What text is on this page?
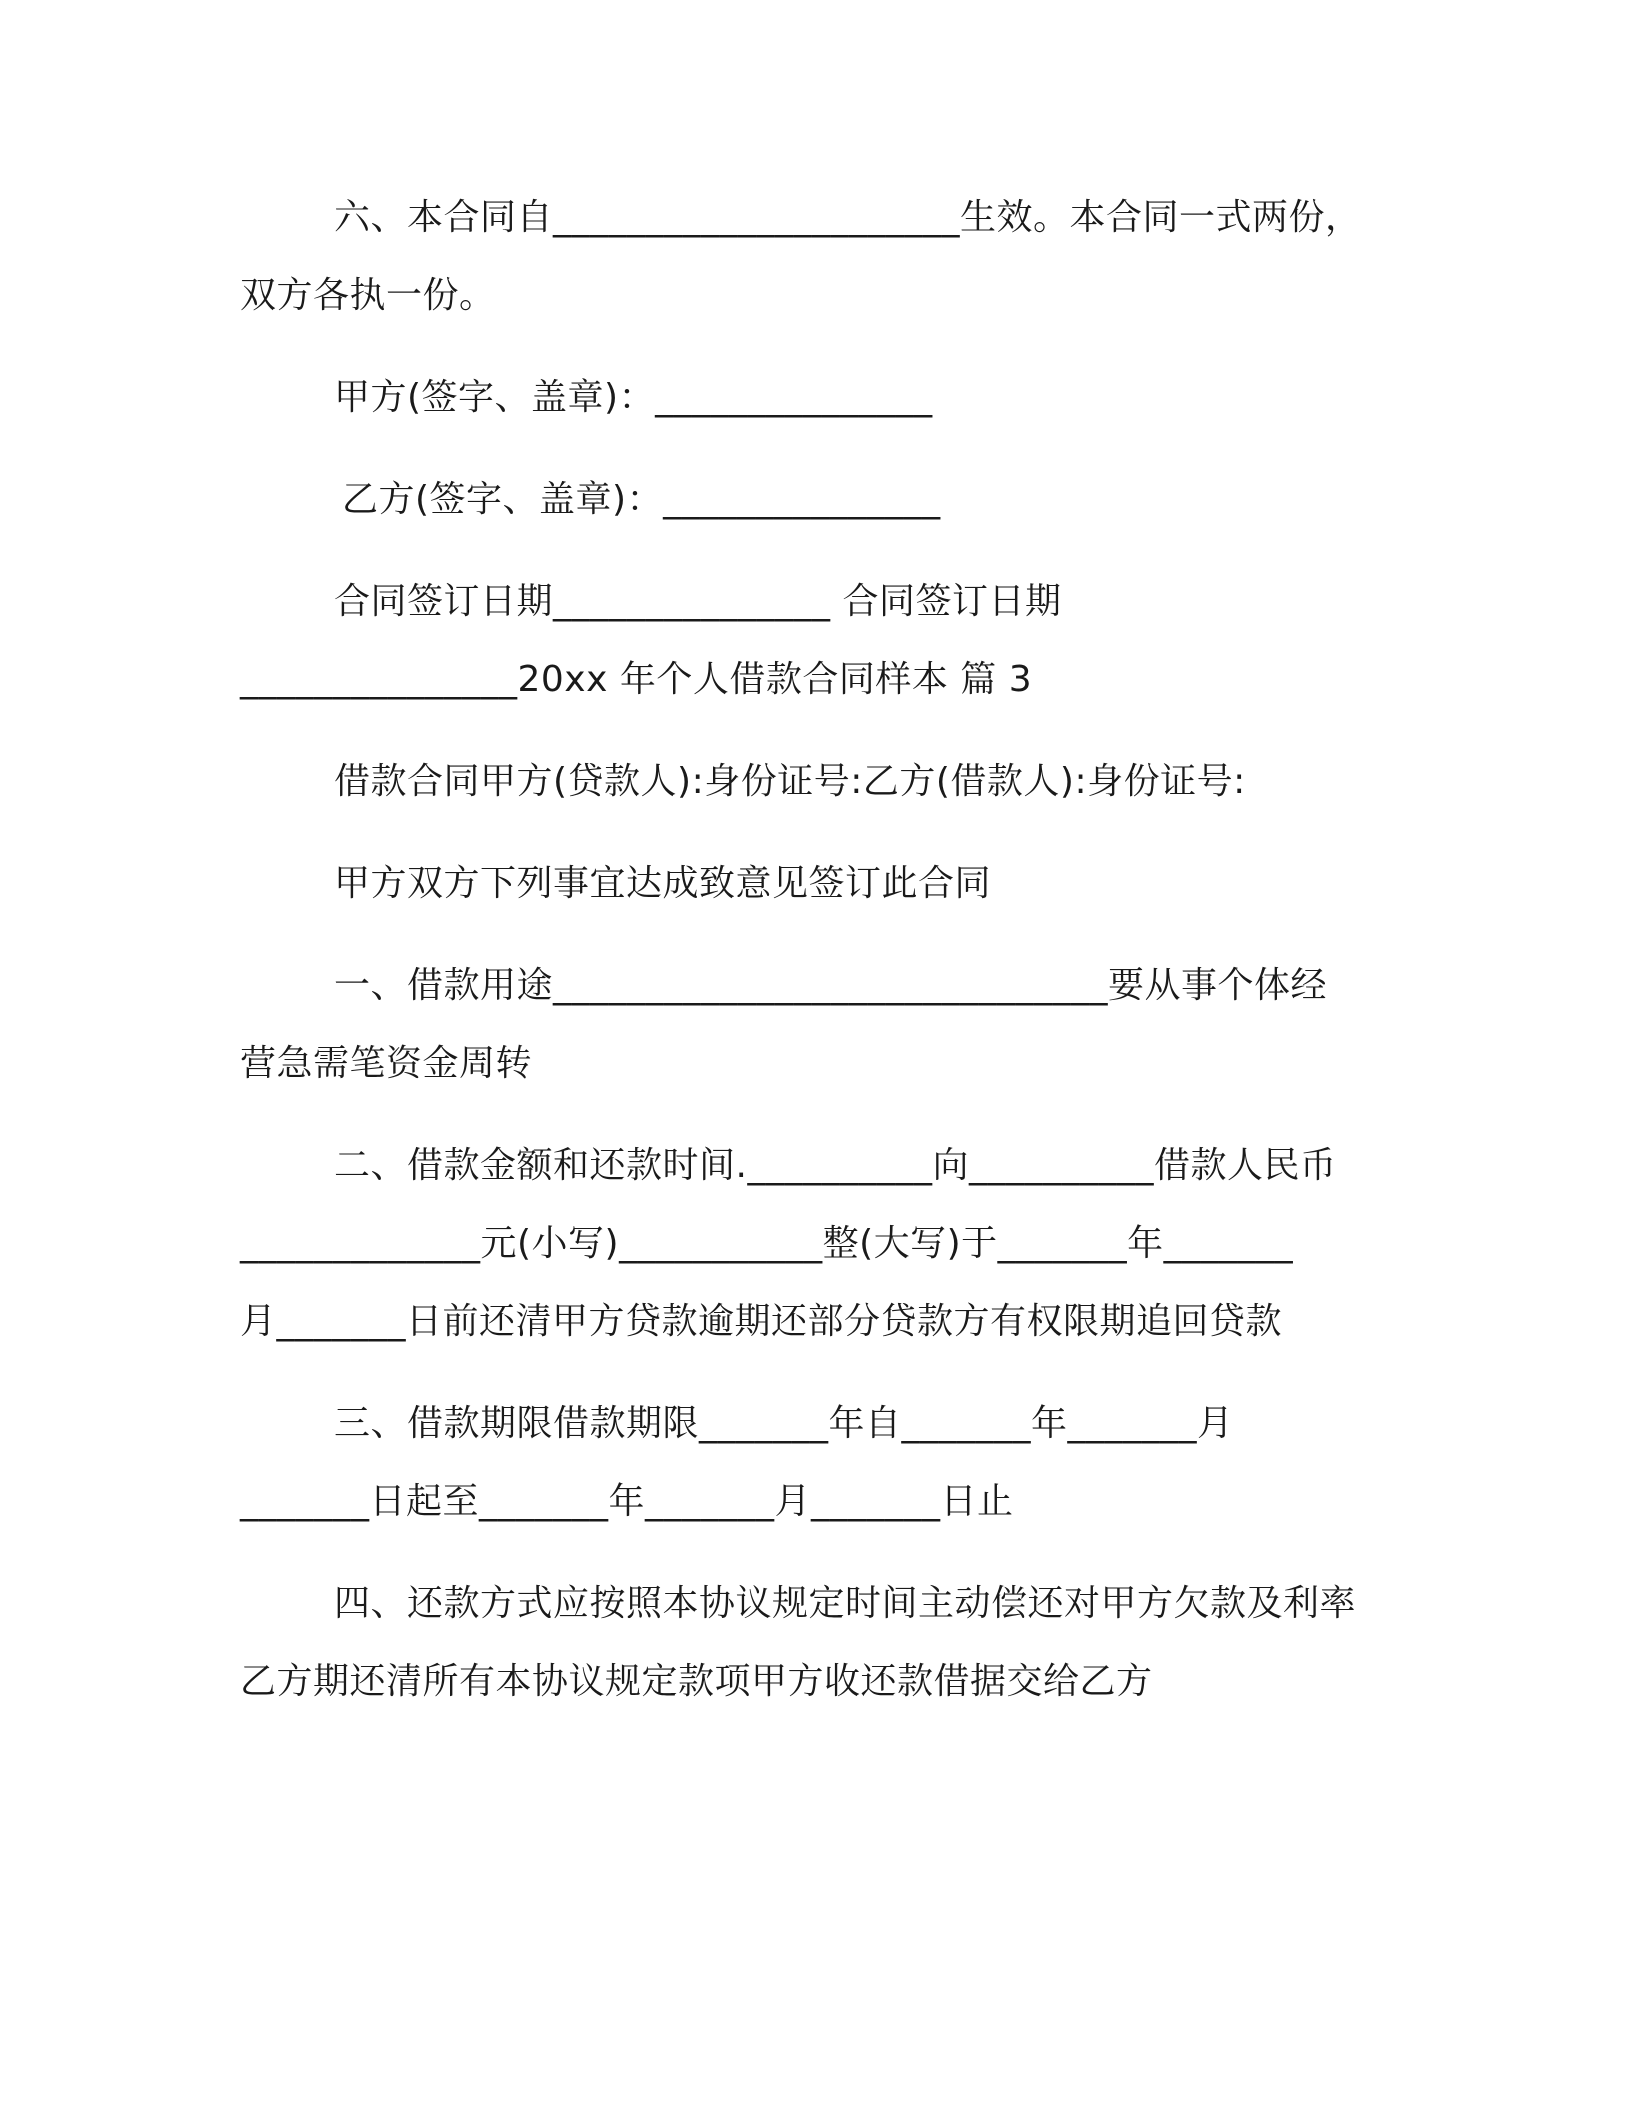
六、本合同自______________________生效。本合同一式两份，
双方各执一份。
甲方(签字、盖章)：_______________
乙方(签字、盖章)：_______________
合同签订日期_______________ 合同签订日期
_______________20xx 年个人借款合同样本 篇 3
借款合同甲方(贷款人):身份证号:乙方(借款人):身份证号:
甲方双方下列事宜达成致意见签订此合同
一、借款用途______________________________要从事个体经
营急需笔资金周转
二、借款金额和还款时间.__________向__________借款人民币
_____________元(小写)___________整(大写)于_______年_______
月_______日前还清甲方贷款逾期还部分贷款方有权限期追回贷款
三、借款期限借款期限_______年自_______年_______月
_______日起至_______年_______月_______日止
四、还款方式应按照本协议规定时间主动偿还对甲方欠款及利率
乙方期还清所有本协议规定款项甲方收还款借据交给乙方
